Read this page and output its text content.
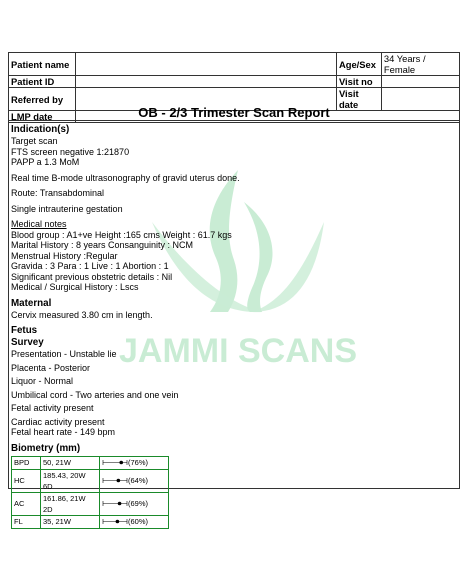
JAMMI SCANS
Patient name		Age/Sex	34 Years / Female
Patient ID		Visit no	
Referred by		Visit date	
LMP date				OB - 2/3 Trimester Scan Report
Indication(s)
Target scan
FTS screen negative 1:21870
PAPP a 1.3 MoM
Real time B-mode ultrasonography of gravid uterus done.
Route: Transabdominal
Single intrauterine gestation
Medical notes
Blood group : A1+ve Height :165 cms Weight : 61.7 kgs
Marital History : 8 years Consanguinity : NCM
Menstrual History :Regular
Gravida : 3 Para : 1 Live : 1 Abortion : 1
Significant previous obstetric details : Nil
Medical / Surgical History : Lscs
Maternal
Cervix measured 3.80 cm in length.
Fetus
Survey
Presentation - Unstable lie
Placenta - Posterior
Liquor - Normal
Umbilical cord - Two arteries and one vein
Fetal activity present
Cardiac activity present
Fetal heart rate - 149 bpm
Biometry (mm)
BPD	50, 21W	(76%)

HC	185.43, 20W 6D	(64%)

AC	161.86, 21W 2D	(69%)

FL	35, 21W	(60%)
